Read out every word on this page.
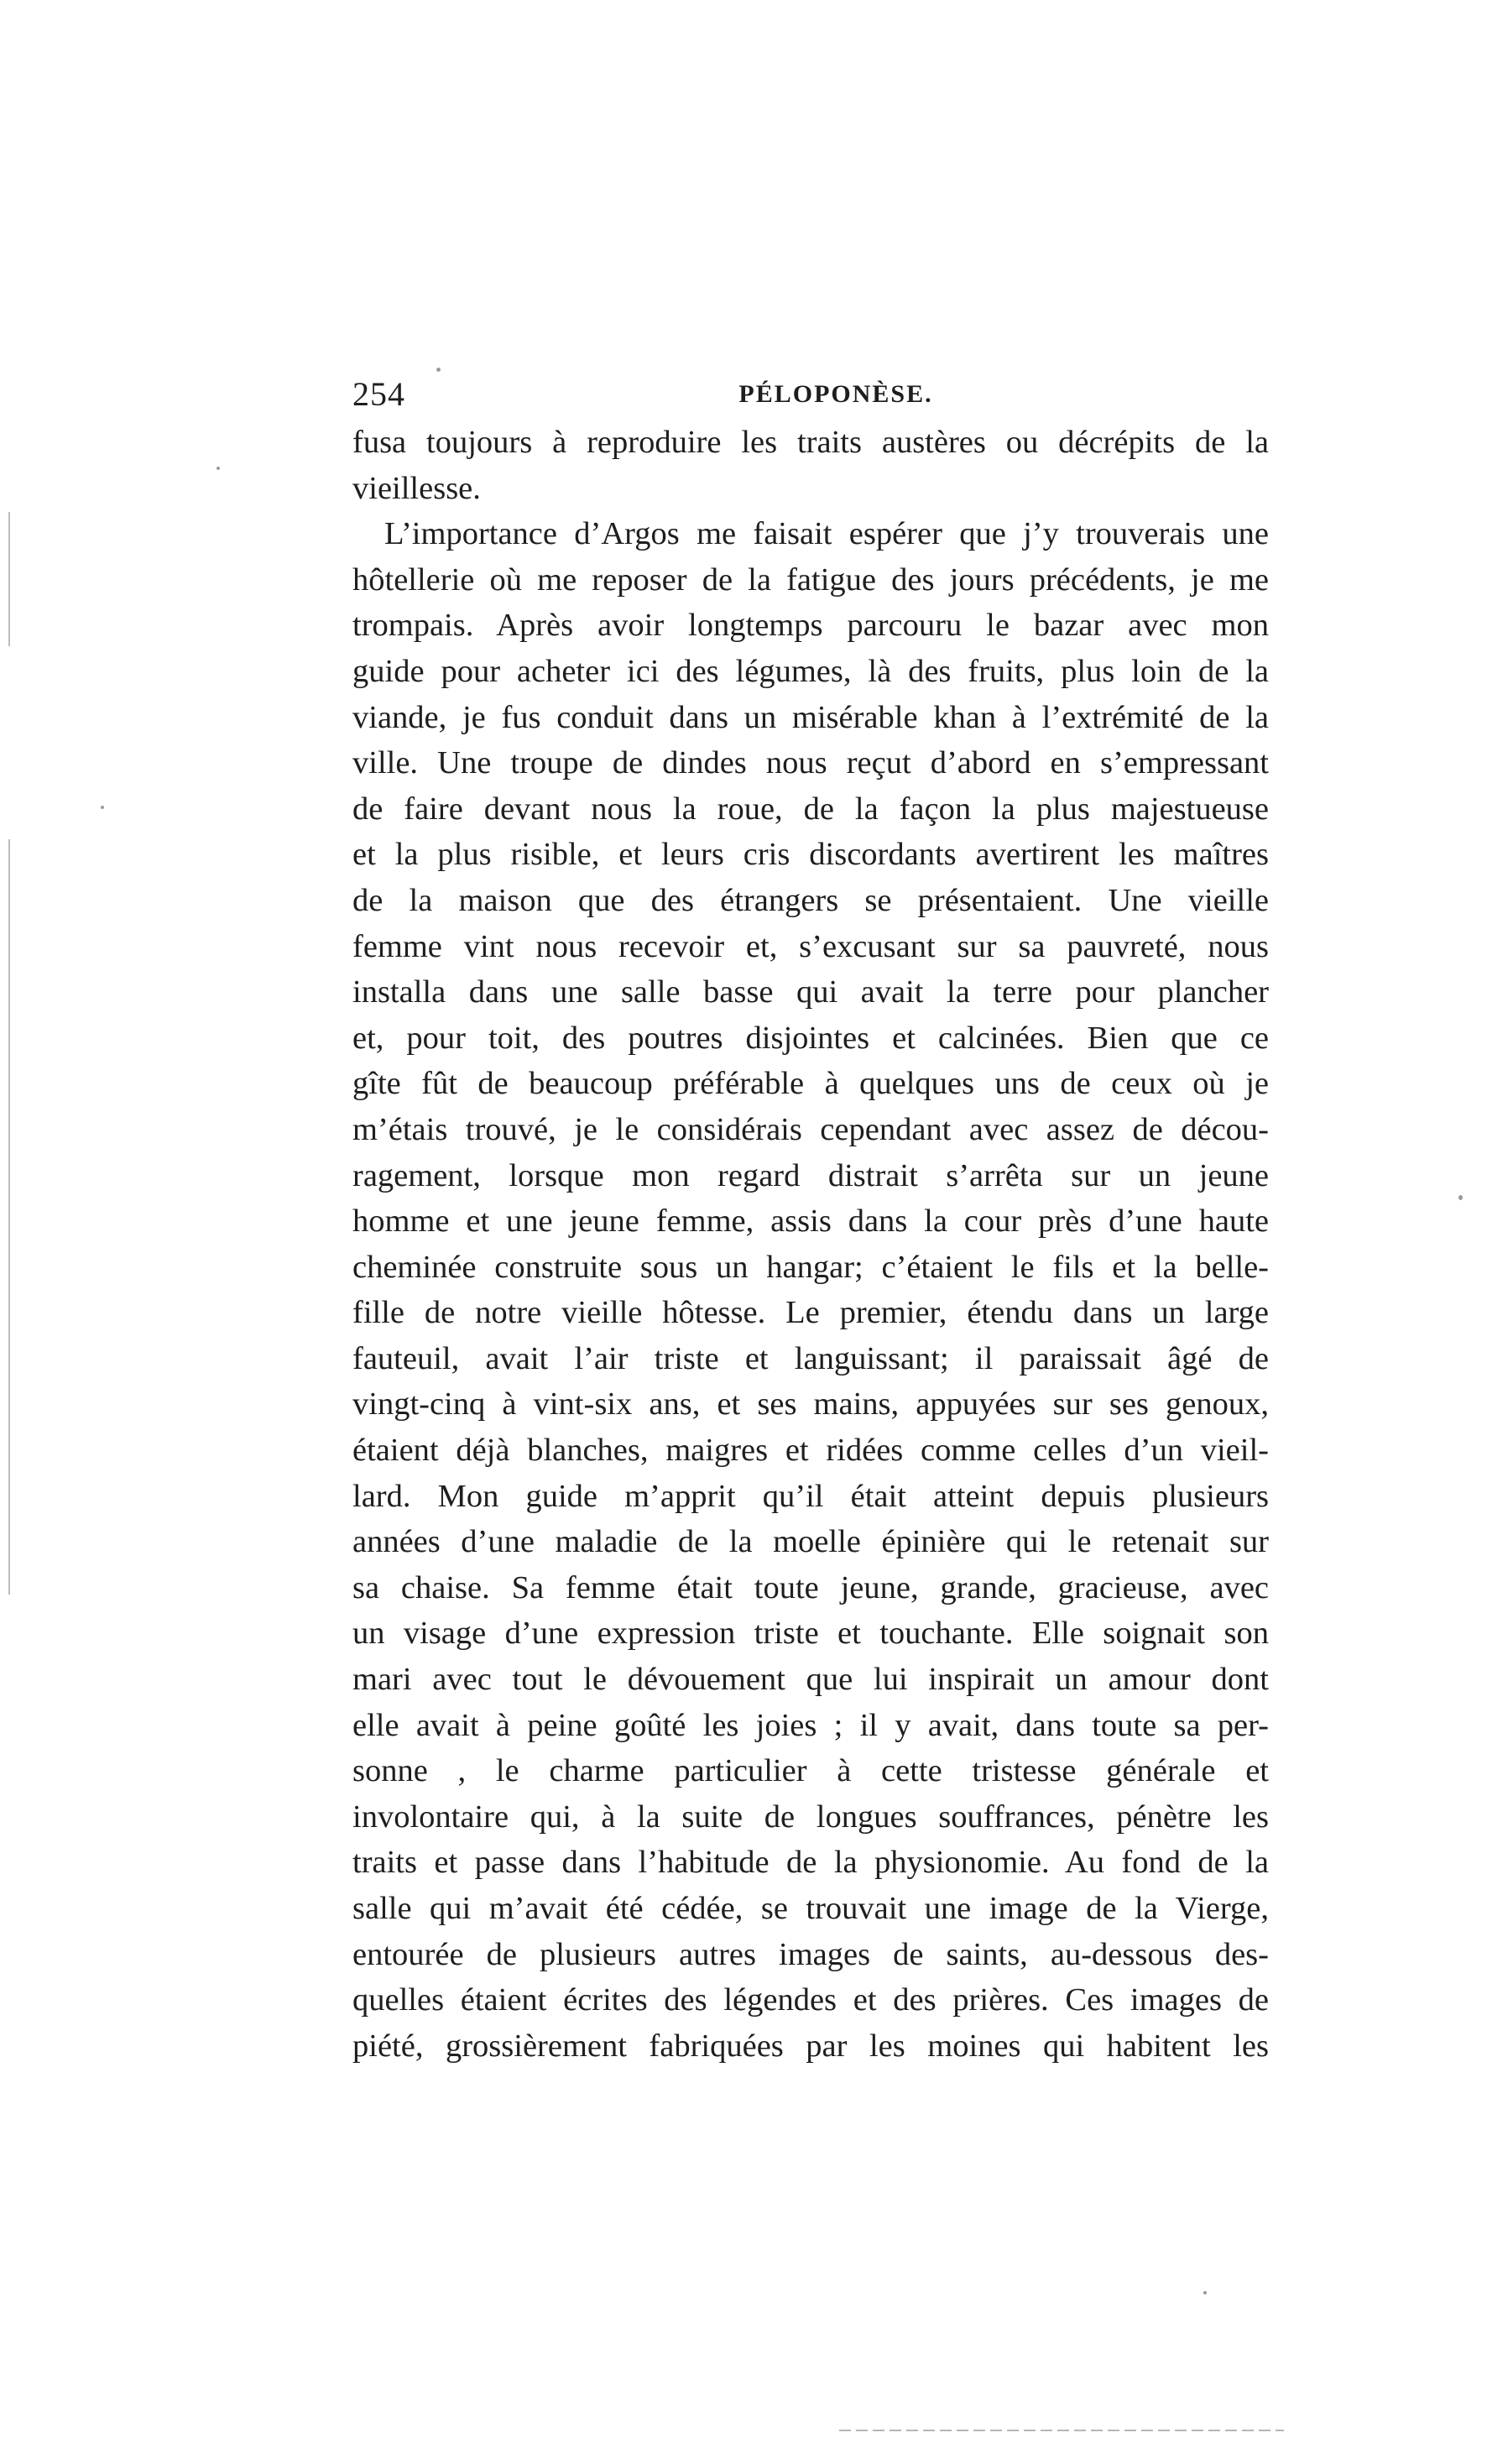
254	PÉLOPONÈSE.
fusa toujours à reproduire les traits austères ou décrépits de la
vieillesse.
L’importance d’Argos me faisait espérer que j’y trouverais une
hôtellerie où me reposer de la fatigue des jours précédents, je me
trompais. Après avoir longtemps parcouru le bazar avec mon
guide pour acheter ici des légumes, là des fruits, plus loin de la
viande, je fus conduit dans un misérable khan à l’extrémité de la
ville. Une troupe de dindes nous reçut d’abord en s’empressant
de faire devant nous la roue, de la façon la plus majestueuse
et la plus risible, et leurs cris discordants avertirent les maîtres
de la maison que des étrangers se présentaient. Une vieille
femme vint nous recevoir et, s’excusant sur sa pauvreté, nous
installa dans une salle basse qui avait la terre pour plancher
et, pour toit, des poutres disjointes et calcinées. Bien que ce
gîte fût de beaucoup préférable à quelques uns de ceux où je
m’étais trouvé, je le considérais cependant avec assez de décou-
ragement, lorsque mon regard distrait s’arrêta sur un jeune
homme et une jeune femme, assis dans la cour près d’une haute
cheminée construite sous un hangar; c’étaient le fils et la belle-
fille de notre vieille hôtesse. Le premier, étendu dans un large
fauteuil, avait l’air triste et languissant; il paraissait âgé de
vingt-cinq à vint-six ans, et ses mains, appuyées sur ses genoux,
étaient déjà blanches, maigres et ridées comme celles d’un vieil-
lard. Mon guide m’apprit qu’il était atteint depuis plusieurs
années d’une maladie de la moelle épinière qui le retenait sur
sa chaise. Sa femme était toute jeune, grande, gracieuse, avec
un visage d’une expression triste et touchante. Elle soignait son
mari avec tout le dévouement que lui inspirait un amour dont
elle avait à peine goûté les joies ; il y avait, dans toute sa per-
sonne , le charme particulier à cette tristesse générale et
involontaire qui, à la suite de longues souffrances, pénètre les
traits et passe dans l’habitude de la physionomie. Au fond de la
salle qui m’avait été cédée, se trouvait une image de la Vierge,
entourée de plusieurs autres images de saints, au-dessous des-
quelles étaient écrites des légendes et des prières. Ces images de
piété, grossièrement fabriquées par les moines qui habitent les
